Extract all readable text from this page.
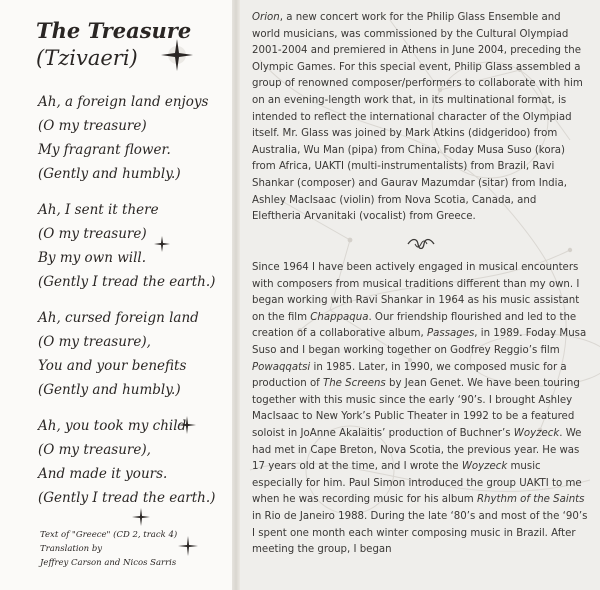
The Treasure
(Tzivaeri)
Ah, a foreign land enjoys
(O my treasure)
My fragrant flower.
(Gently and humbly.)
Ah, I sent it there
(O my treasure)
By my own will.
(Gently I tread the earth.)
Ah, cursed foreign land
(O my treasure),
You and your benefits
(Gently and humbly.)
Ah, you took my child
(O my treasure),
And made it yours.
(Gently I tread the earth.)
Text of "Greece" (CD 2, track 4)
Translation by
Jeffrey Carson and Nicos Sarris

Orion, a new concert work for the Philip Glass Ensemble and world musicians, was commissioned by the Cultural Olympiad 2001-2004 and premiered in Athens in June 2004, preceding the Olympic Games. For this special event, Philip Glass assembled a group of renowned composer/performers to collaborate with him on an evening-length work that, in its multinational format, is intended to reflect the international character of the Olympiad itself. Mr. Glass was joined by Mark Atkins (didgeridoo) from Australia, Wu Man (pipa) from China, Foday Musa Suso (kora) from Africa, UAKTI (multi-instrumentalists) from Brazil, Ravi Shankar (composer) and Gaurav Mazumdar (sitar) from India, Ashley MacIsaac (violin) from Nova Scotia, Canada, and Eleftheria Arvanitaki (vocalist) from Greece.

Since 1964 I have been actively engaged in musical encounters with composers from musical traditions different than my own. I began working with Ravi Shankar in 1964 as his music assistant on the film Chappaqua. Our friendship flourished and led to the creation of a collaborative album, Passages, in 1989. Foday Musa Suso and I began working together on Godfrey Reggio’s film Powaqqatsi in 1985. Later, in 1990, we composed music for a production of The Screens by Jean Genet. We have been touring together with this music since the early ‘90’s. I brought Ashley MacIsaac to New York’s Public Theater in 1992 to be a featured soloist in JoAnne Akalaitis’ production of Buchner’s Woyzeck. We had met in Cape Breton, Nova Scotia, the previous year. He was 17 years old at the time, and I wrote the Woyzeck music especially for him. Paul Simon introduced the group UAKTI to me when he was recording music for his album Rhythm of the Saints in Rio de Janeiro 1988. During the late ‘80’s and most of the ‘90’s I spent one month each winter composing music in Brazil. After meeting the group, I began
